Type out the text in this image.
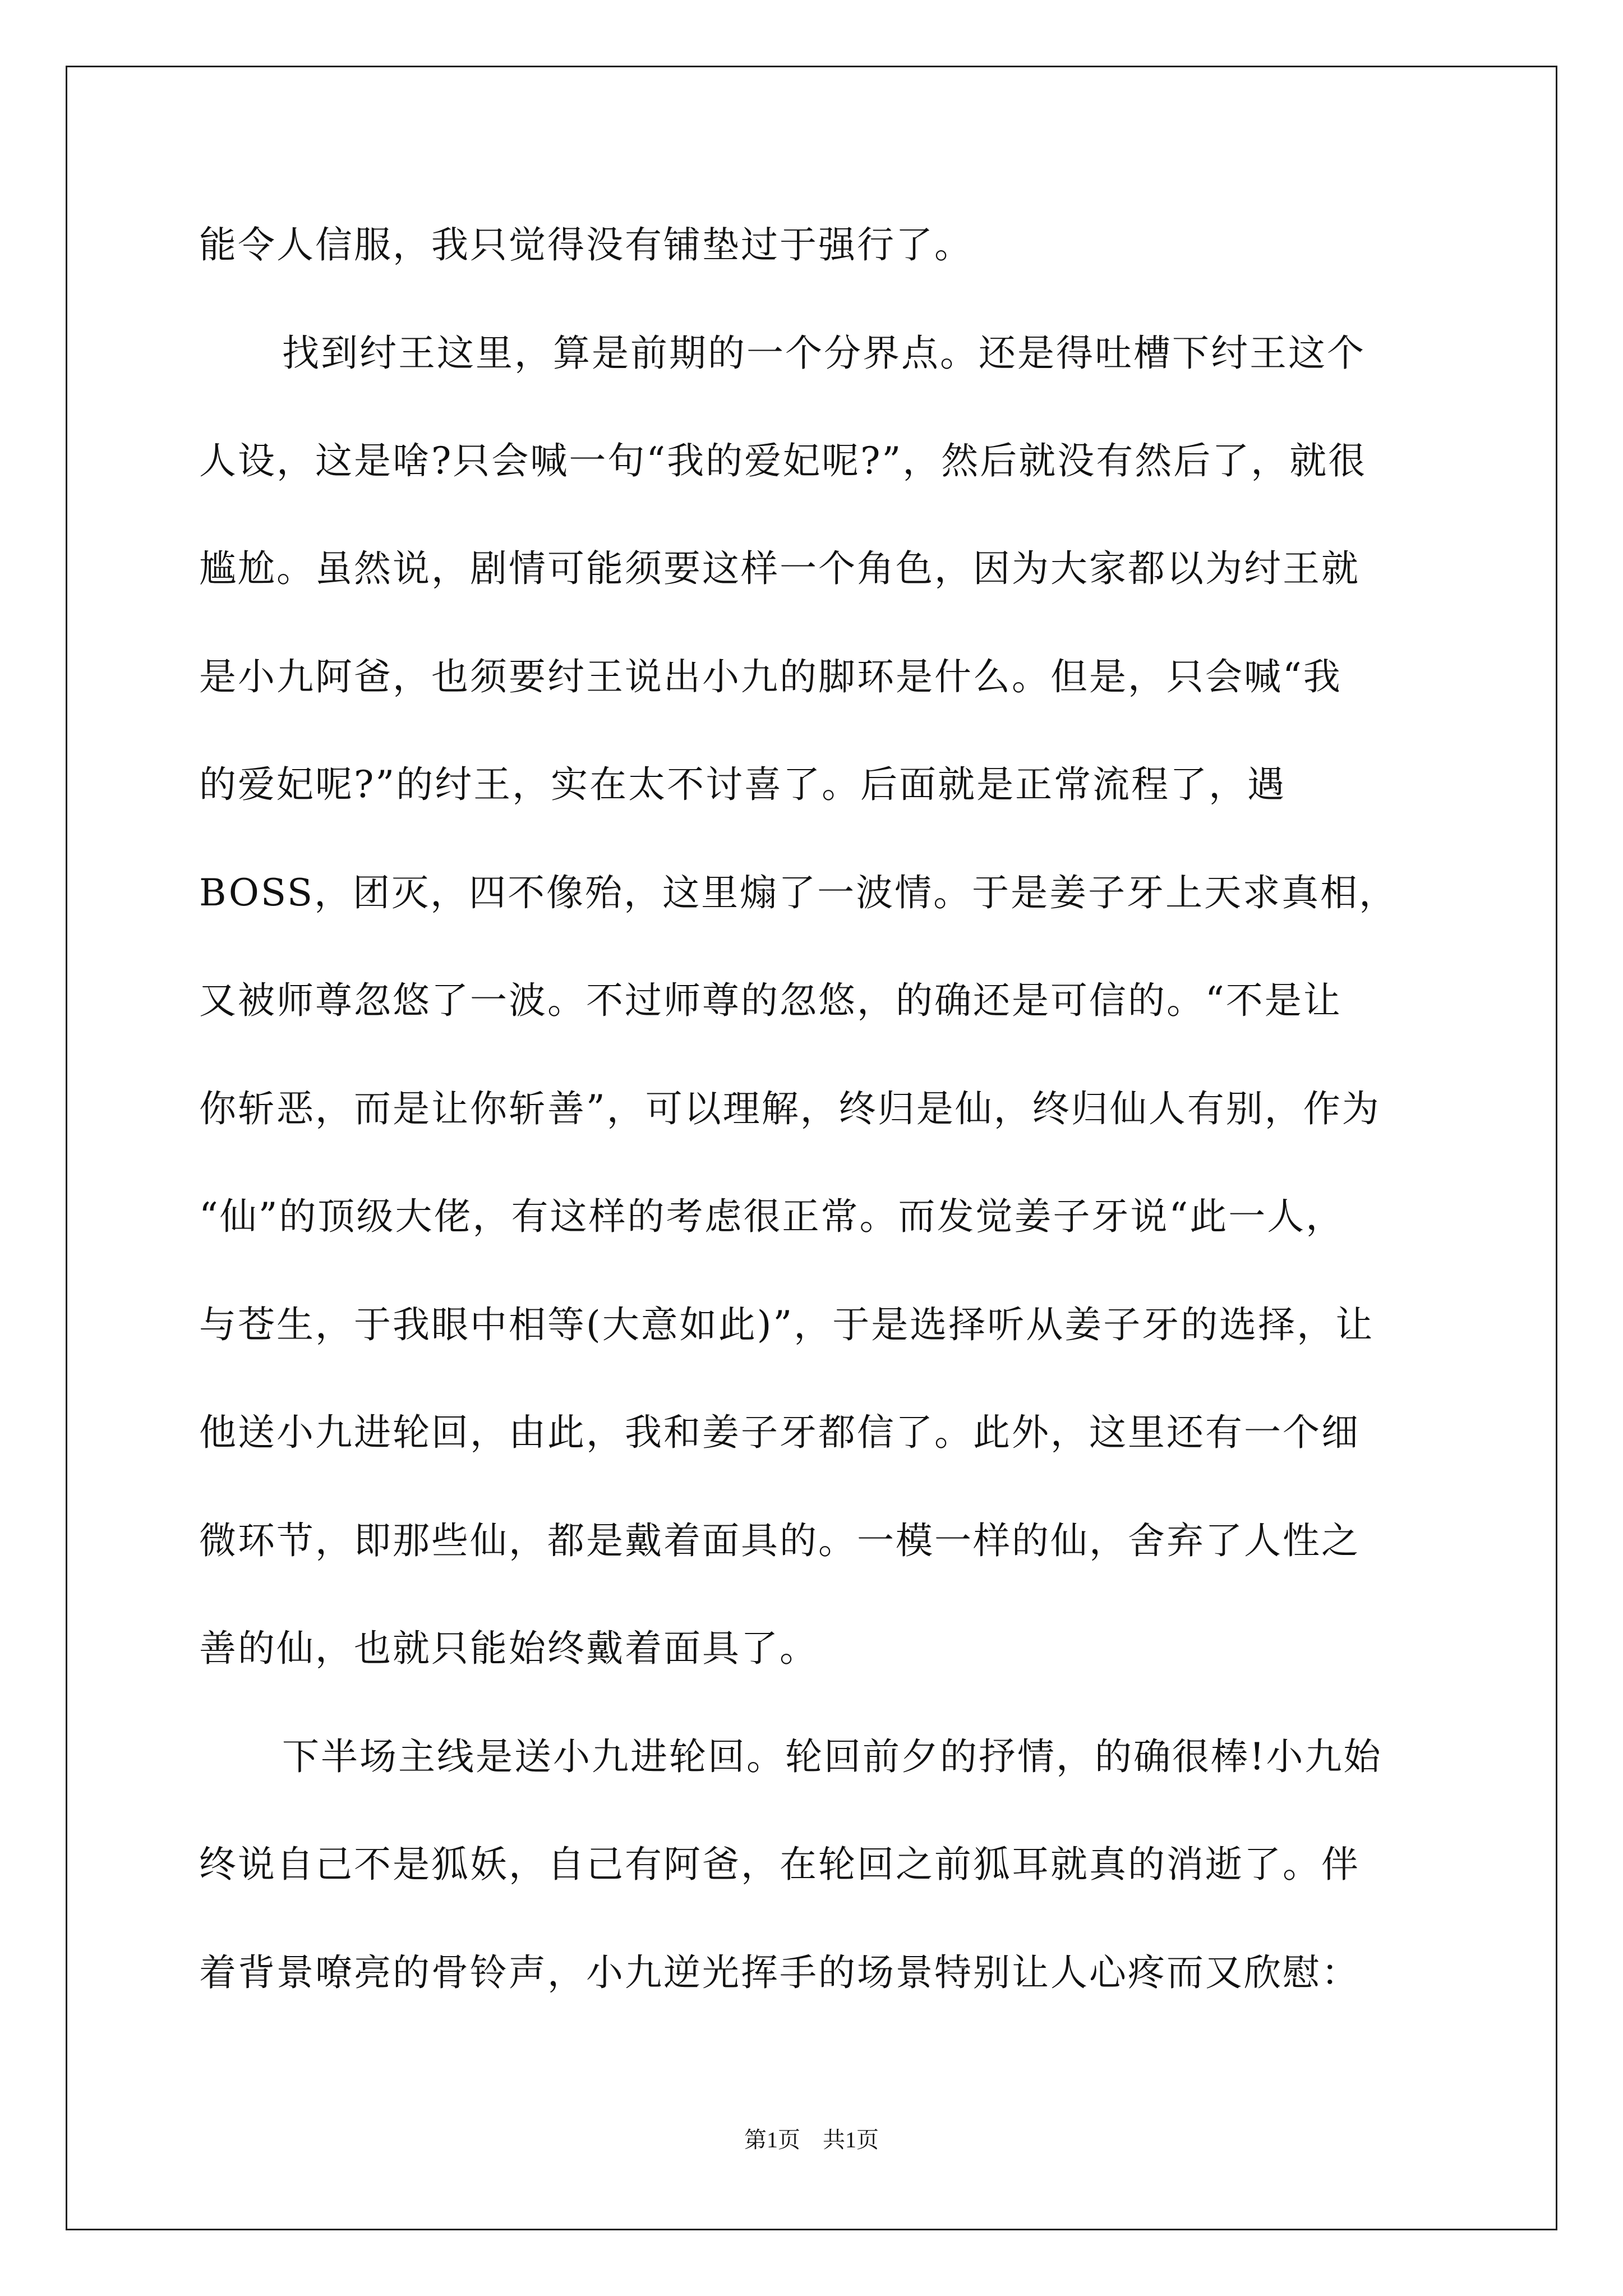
能令人信服，我只觉得没有铺垫过于强行了。
找到纣王这里，算是前期的一个分界点。还是得吐槽下纣王这个
人设，这是啥?只会喊一句“我的爱妃呢?”，然后就没有然后了，就很
尴尬。虽然说，剧情可能须要这样一个角色，因为大家都以为纣王就
是小九阿爸，也须要纣王说出小九的脚环是什么。但是，只会喊“我
的爱妃呢?”的纣王，实在太不讨喜了。后面就是正常流程了，遇
BOSS，团灭，四不像殆，这里煽了一波情。于是姜子牙上天求真相，
又被师尊忽悠了一波。不过师尊的忽悠，的确还是可信的。“不是让
你斩恶，而是让你斩善”，可以理解，终归是仙，终归仙人有别，作为
“仙”的顶级大佬，有这样的考虑很正常。而发觉姜子牙说“此一人，
与苍生，于我眼中相等(大意如此)”，于是选择听从姜子牙的选择，让
他送小九进轮回，由此，我和姜子牙都信了。此外，这里还有一个细
微环节，即那些仙，都是戴着面具的。一模一样的仙，舍弃了人性之
善的仙，也就只能始终戴着面具了。
下半场主线是送小九进轮回。轮回前夕的抒情，的确很棒!小九始
终说自己不是狐妖，自己有阿爸，在轮回之前狐耳就真的消逝了。伴
着背景嘹亮的骨铃声，小九逆光挥手的场景特别让人心疼而又欣慰：
第1页　共1页
